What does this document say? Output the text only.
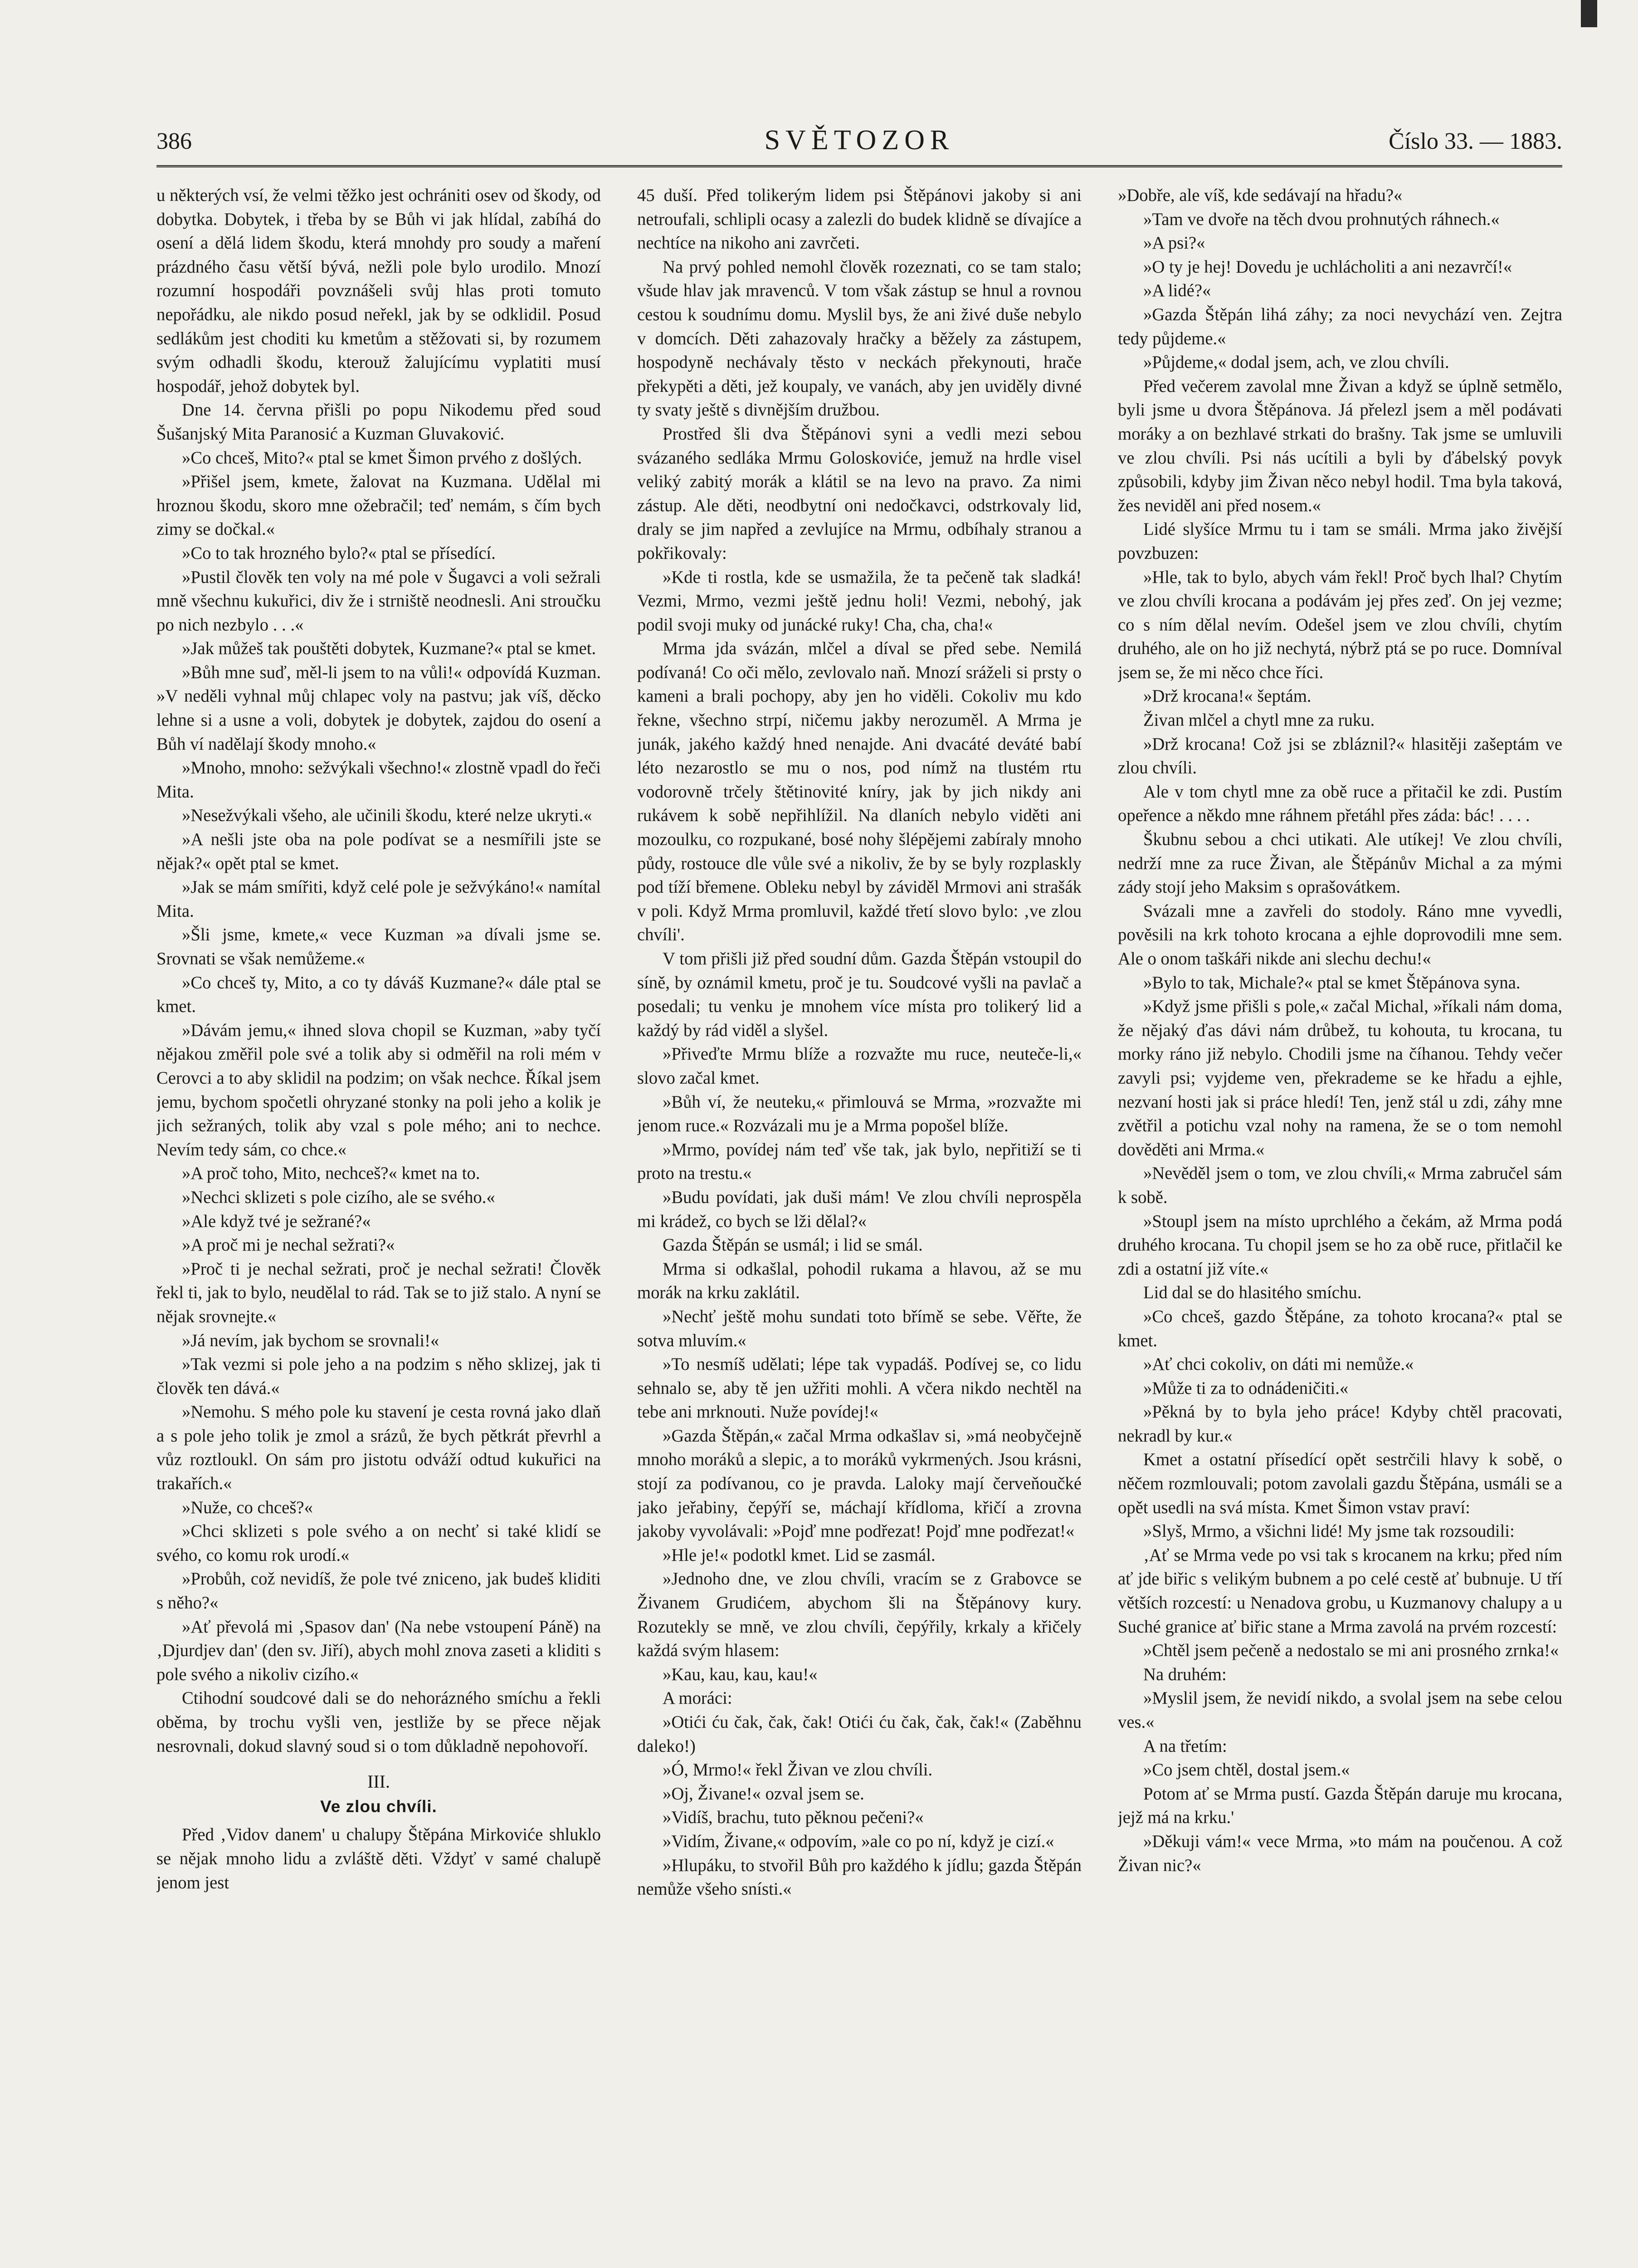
386	SVĚTOZOR	Číslo 33. — 1883.

u některých vsí, že velmi těžko jest ochrániti osev od škody, od dobytka. Dobytek, i třeba by se Bůh vi jak hlídal, zabíhá do osení a dělá lidem škodu, která mnohdy pro soudy a maření prázdného času větší bývá, nežli pole bylo urodilo. Mnozí rozumní hospodáři povznášeli svůj hlas proti tomuto nepořádku, ale nikdo posud neřekl, jak by se odklidil. Posud sedlákům jest choditi ku kmetům a stěžovati si, by rozumem svým odhadli škodu, kterouž žalujícímu vyplatiti musí hospodář, jehož dobytek byl.

Dne 14. června přišli po popu Nikodemu před soud Šušanjský Mita Paranosić a Kuzman Gluvaković.

»Co chceš, Mito?« ptal se kmet Šimon prvého z došlých.

»Přišel jsem, kmete, žalovat na Kuzmana. Udělal mi hroznou škodu, skoro mne ožebračil; teď nemám, s čím bych zimy se dočkal.«

»Co to tak hrozného bylo?« ptal se přísedící.

»Pustil člověk ten voly na mé pole v Šugavci a voli sežrali mně všechnu kukuřici, div že i strniště neodnesli. Ani stroučku po nich nezbylo . . .«

»Jak můžeš tak pouštěti dobytek, Kuzmane?« ptal se kmet.

»Bůh mne suď, měl-li jsem to na vůli!« odpovídá Kuzman. »V neděli vyhnal můj chlapec voly na pastvu; jak víš, děcko lehne si a usne a voli, dobytek je dobytek, zajdou do osení a Bůh ví nadělají škody mnoho.«

»Mnoho, mnoho: sežvýkali všechno!« zlostně vpadl do řeči Mita.

»Nesežvýkali všeho, ale učinili škodu, které nelze ukryti.«

»A nešli jste oba na pole podívat se a nesmířili jste se nějak?« opět ptal se kmet.

»Jak se mám smířiti, když celé pole je sežvýkáno!« namítal Mita.

»Šli jsme, kmete,« vece Kuzman »a dívali jsme se. Srovnati se však nemůžeme.«

»Co chceš ty, Mito, a co ty dáváš Kuzmane?« dále ptal se kmet.

»Dávám jemu,« ihned slova chopil se Kuzman, »aby tyčí nějakou změřil pole své a tolik aby si odměřil na roli mém v Cerovci a to aby sklidil na podzim; on však nechce. Říkal jsem jemu, bychom spočetli ohryzané stonky na poli jeho a kolik je jich sežraných, tolik aby vzal s pole mého; ani to nechce. Nevím tedy sám, co chce.«

»A proč toho, Mito, nechceš?« kmet na to.

»Nechci sklizeti s pole cizího, ale se svého.«

»Ale když tvé je sežrané?«

»A proč mi je nechal sežrati?«

»Proč ti je nechal sežrati, proč je nechal sežrati! Člověk řekl ti, jak to bylo, neudělal to rád. Tak se to již stalo. A nyní se nějak srovnejte.«

»Já nevím, jak bychom se srovnali!«

»Tak vezmi si pole jeho a na podzim s něho sklizej, jak ti člověk ten dává.«

»Nemohu. S mého pole ku stavení je cesta rovná jako dlaň a s pole jeho tolik je zmol a srázů, že bych pětkrát převrhl a vůz roztloukl. On sám pro jistotu odváží odtud kukuřici na trakařích.«

»Nuže, co chceš?«

»Chci sklizeti s pole svého a on nechť si také klidí se svého, co komu rok urodí.«

»Probůh, což nevidíš, že pole tvé zniceno, jak budeš kliditi s něho?«

»Ať převolá mi ‚Spasov dan' (Na nebe vstoupení Páně) na ‚Djurdjev dan' (den sv. Jiří), abych mohl znova zaseti a kliditi s pole svého a nikoliv cizího.«

Ctihodní soudcové dali se do nehorázného smíchu a řekli oběma, by trochu vyšli ven, jestliže by se přece nějak nesrovnali, dokud slavný soud si o tom důkladně nepohovoří.

III.

Ve zlou chvíli.

Před ‚Vidov danem' u chalupy Štěpána Mirkoviće shluklo se nějak mnoho lidu a zvláště děti. Vždyť v samé chalupě jenom jest

45 duší. Před tolikerým lidem psi Štěpánovi jakoby si ani netroufali, schlipli ocasy a zalezli do budek klidně se dívajíce a nechtíce na nikoho ani zavrčeti.

Na prvý pohled nemohl člověk rozeznati, co se tam stalo; všude hlav jak mravenců. V tom však zástup se hnul a rovnou cestou k soudnímu domu. Myslil bys, že ani živé duše nebylo v domcích. Děti zahazovaly hračky a běžely za zástupem, hospodyně nechávaly těsto v neckách překynouti, hrače překypěti a děti, jež koupaly, ve vanách, aby jen uviděly divné ty svaty ještě s divnějším družbou.

Prostřed šli dva Štěpánovi syni a vedli mezi sebou svázaného sedláka Mrmu Goloskoviće, jemuž na hrdle visel veliký zabitý morák a klátil se na levo na pravo. Za nimi zástup. Ale děti, neodbytní oni nedočkavci, odstrkovaly lid, draly se jim napřed a zevlujíce na Mrmu, odbíhaly stranou a pokřikovaly:

»Kde ti rostla, kde se usmažila, že ta pečeně tak sladká! Vezmi, Mrmo, vezmi ještě jednu holi! Vezmi, nebohý, jak podil svoji muky od junácké ruky! Cha, cha, cha!«

Mrma jda svázán, mlčel a díval se před sebe. Nemilá podívaná! Co oči mělo, zevlovalo naň. Mnozí sráželi si prsty o kameni a brali pochopy, aby jen ho viděli. Cokoliv mu kdo řekne, všechno strpí, ničemu jakby nerozuměl. A Mrma je junák, jakého každý hned nenajde. Ani dvacáté deváté babí léto nezarostlo se mu o nos, pod nímž na tlustém rtu vodorovně trčely štětinovité kníry, jak by jich nikdy ani rukávem k sobě nepřihlížil. Na dlaních nebylo viděti ani mozoulku, co rozpukané, bosé nohy šlépějemi zabíraly mnoho půdy, rostouce dle vůle své a nikoliv, že by se byly rozplaskly pod tíží břemene. Obleku nebyl by záviděl Mrmovi ani strašák v poli. Když Mrma promluvil, každé třetí slovo bylo: ‚ve zlou chvíli'.

V tom přišli již před soudní dům. Gazda Štěpán vstoupil do síně, by oznámil kmetu, proč je tu. Soudcové vyšli na pavlač a posedali; tu venku je mnohem více místa pro tolikerý lid a každý by rád viděl a slyšel.

»Přiveďte Mrmu blíže a rozvažte mu ruce, neuteče-li,« slovo začal kmet.

»Bůh ví, že neuteku,« přimlouvá se Mrma, »rozvažte mi jenom ruce.« Rozvázali mu je a Mrma popošel blíže.

»Mrmo, povídej nám teď vše tak, jak bylo, nepřitiží se ti proto na trestu.«

»Budu povídati, jak duši mám! Ve zlou chvíli neprospěla mi krádež, co bych se lži dělal?«

Gazda Štěpán se usmál; i lid se smál.

Mrma si odkašlal, pohodil rukama a hlavou, až se mu morák na krku zaklátil.

»Nechť ještě mohu sundati toto břímě se sebe. Věřte, že sotva mluvím.«

»To nesmíš udělati; lépe tak vypadáš. Podívej se, co lidu sehnalo se, aby tě jen užřiti mohli. A včera nikdo nechtěl na tebe ani mrknouti. Nuže povídej!«

»Gazda Štěpán,« začal Mrma odkašlav si, »má neobyčejně mnoho moráků a slepic, a to moráků vykrmených. Jsou krásni, stojí za podívanou, co je pravda. Laloky mají červeňoučké jako jeřabiny, čepýří se, máchají křídloma, křičí a zrovna jakoby vyvolávali: »Pojď mne podřezat! Pojď mne podřezat!«

»Hle je!« podotkl kmet. Lid se zasmál.

»Jednoho dne, ve zlou chvíli, vracím se z Grabovce se Živanem Grudićem, abychom šli na Štěpánovy kury. Rozutekly se mně, ve zlou chvíli, čepýřily, krkaly a křičely každá svým hlasem:

»Kau, kau, kau, kau!«

A moráci:

»Otići ću čak, čak, čak! Otići ću čak, čak, čak!« (Zaběhnu daleko!)

»Ó, Mrmo!« řekl Živan ve zlou chvíli.

»Oj, Živane!« ozval jsem se.

»Vidíš, brachu, tuto pěknou pečeni?«

»Vidím, Živane,« odpovím, »ale co po ní, když je cizí.«

»Hlupáku, to stvořil Bůh pro každého k jídlu; gazda Štěpán nemůže všeho snísti.«

»Dobře, ale víš, kde sedávají na hřadu?«

»Tam ve dvoře na těch dvou prohnutých ráhnech.«

»A psi?«

»O ty je hej! Dovedu je uchlácholiti a ani nezavrčí!«

»A lidé?«

»Gazda Štěpán lihá záhy; za noci nevychází ven. Zejtra tedy půjdeme.«

»Půjdeme,« dodal jsem, ach, ve zlou chvíli.

Před večerem zavolal mne Živan a když se úplně setmělo, byli jsme u dvora Štěpánova. Já přelezl jsem a měl podávati moráky a on bezhlavé strkati do brašny. Tak jsme se umluvili ve zlou chvíli. Psi nás ucítili a byli by ďábelský povyk způsobili, kdyby jim Živan něco nebyl hodil. Tma byla taková, žes neviděl ani před nosem.«

Lidé slyšíce Mrmu tu i tam se smáli. Mrma jako živější povzbuzen:

»Hle, tak to bylo, abych vám řekl! Proč bych lhal? Chytím ve zlou chvíli krocana a podávám jej přes zeď. On jej vezme; co s ním dělal nevím. Odešel jsem ve zlou chvíli, chytím druhého, ale on ho již nechytá, nýbrž ptá se po ruce. Domníval jsem se, že mi něco chce říci.

»Drž krocana!« šeptám.

Živan mlčel a chytl mne za ruku.

»Drž krocana! Což jsi se zbláznil?« hlasitěji zašeptám ve zlou chvíli.

Ale v tom chytl mne za obě ruce a přitačil ke zdi. Pustím opeřence a někdo mne ráhnem přetáhl přes záda: bác! . . . .

Škubnu sebou a chci utikati. Ale utíkej! Ve zlou chvíli, nedrží mne za ruce Živan, ale Štěpánův Michal a za mými zády stojí jeho Maksim s oprašovátkem.

Svázali mne a zavřeli do stodoly. Ráno mne vyvedli, pověsili na krk tohoto krocana a ejhle doprovodili mne sem. Ale o onom taškáři nikde ani slechu dechu!«

»Bylo to tak, Michale?« ptal se kmet Štěpánova syna.

»Když jsme přišli s pole,« začal Michal, »říkali nám doma, že nějaký ďas dávi nám drůbež, tu kohouta, tu krocana, tu morky ráno již nebylo. Chodili jsme na číhanou. Tehdy večer zavyli psi; vyjdeme ven, překrademe se ke hřadu a ejhle, nezvaní hosti jak si práce hledí! Ten, jenž stál u zdi, záhy mne zvětřil a potichu vzal nohy na ramena, že se o tom nemohl dověděti ani Mrma.«

»Nevěděl jsem o tom, ve zlou chvíli,« Mrma zabručel sám k sobě.

»Stoupl jsem na místo uprchlého a čekám, až Mrma podá druhého krocana. Tu chopil jsem se ho za obě ruce, přitlačil ke zdi a ostatní již víte.«

Lid dal se do hlasitého smíchu.

»Co chceš, gazdo Štěpáne, za tohoto krocana?« ptal se kmet.

»Ať chci cokoliv, on dáti mi nemůže.«

»Může ti za to odnádeničiti.«

»Pěkná by to byla jeho práce! Kdyby chtěl pracovati, nekradl by kur.«

Kmet a ostatní přísedící opět sestrčili hlavy k sobě, o něčem rozmlouvali; potom zavolali gazdu Štěpána, usmáli se a opět usedli na svá místa. Kmet Šimon vstav praví:

»Slyš, Mrmo, a všichni lidé! My jsme tak rozsoudili:

‚Ať se Mrma vede po vsi tak s krocanem na krku; před ním ať jde biřic s velikým bubnem a po celé cestě ať bubnuje. U tří větších rozcestí: u Nenadova grobu, u Kuzmanovy chalupy a u Suché granice ať biřic stane a Mrma zavolá na prvém rozcestí:

»Chtěl jsem pečeně a nedostalo se mi ani prosného zrnka!«

Na druhém:

»Myslil jsem, že nevidí nikdo, a svolal jsem na sebe celou ves.«

A na třetím:

»Co jsem chtěl, dostal jsem.«

Potom ať se Mrma pustí. Gazda Štěpán daruje mu krocana, jejž má na krku.'

»Děkuji vám!« vece Mrma, »to mám na poučenou. A což Živan nic?«
